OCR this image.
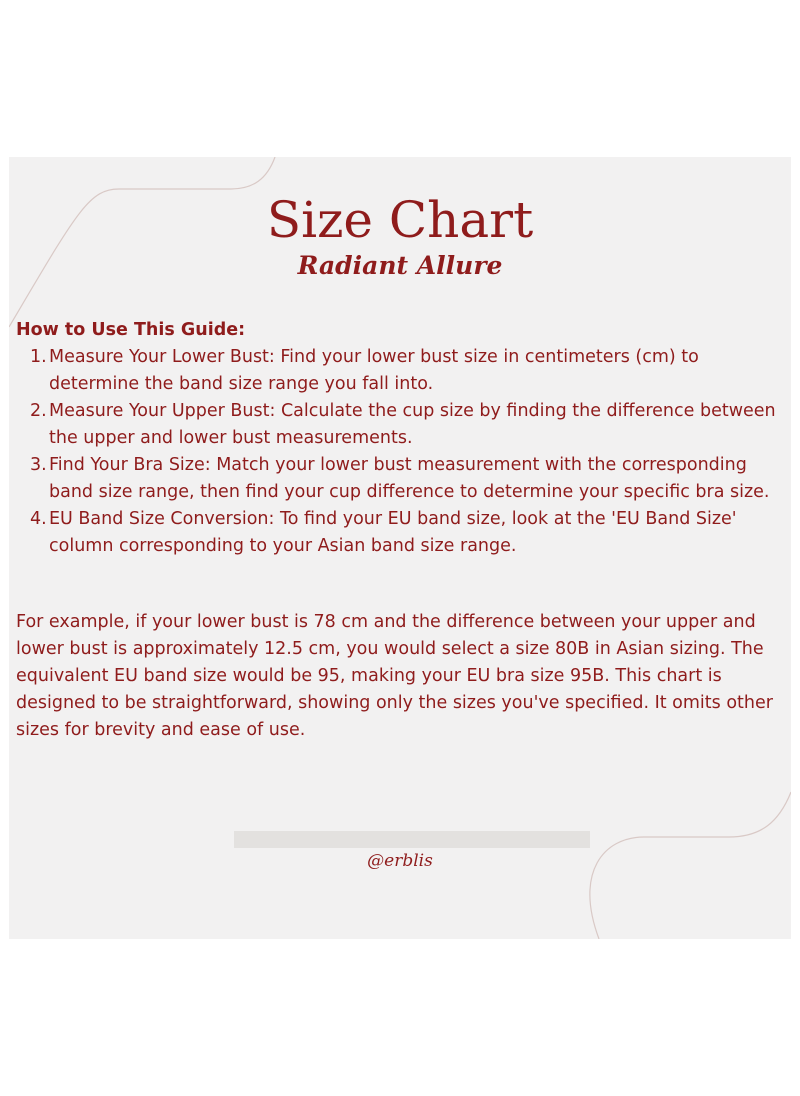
Size Chart
Radiant Allure

How to Use This Guide:

1. Measure Your Lower Bust: Find your lower bust size in centimeters (cm) to determine the band size range you fall into.
2. Measure Your Upper Bust: Calculate the cup size by finding the difference between the upper and lower bust measurements.
3. Find Your Bra Size: Match your lower bust measurement with the corresponding band size range, then find your cup difference to determine your specific bra size.
4. EU Band Size Conversion: To find your EU band size, look at the 'EU Band Size' column corresponding to your Asian band size range.

For example, if your lower bust is 78 cm and the difference between your upper and lower bust is approximately 12.5 cm, you would select a size 80B in Asian sizing. The equivalent EU band size would be 95, making your EU bra size 95B. This chart is designed to be straightforward, showing only the sizes you've specified. It omits other sizes for brevity and ease of use.

@erblis
